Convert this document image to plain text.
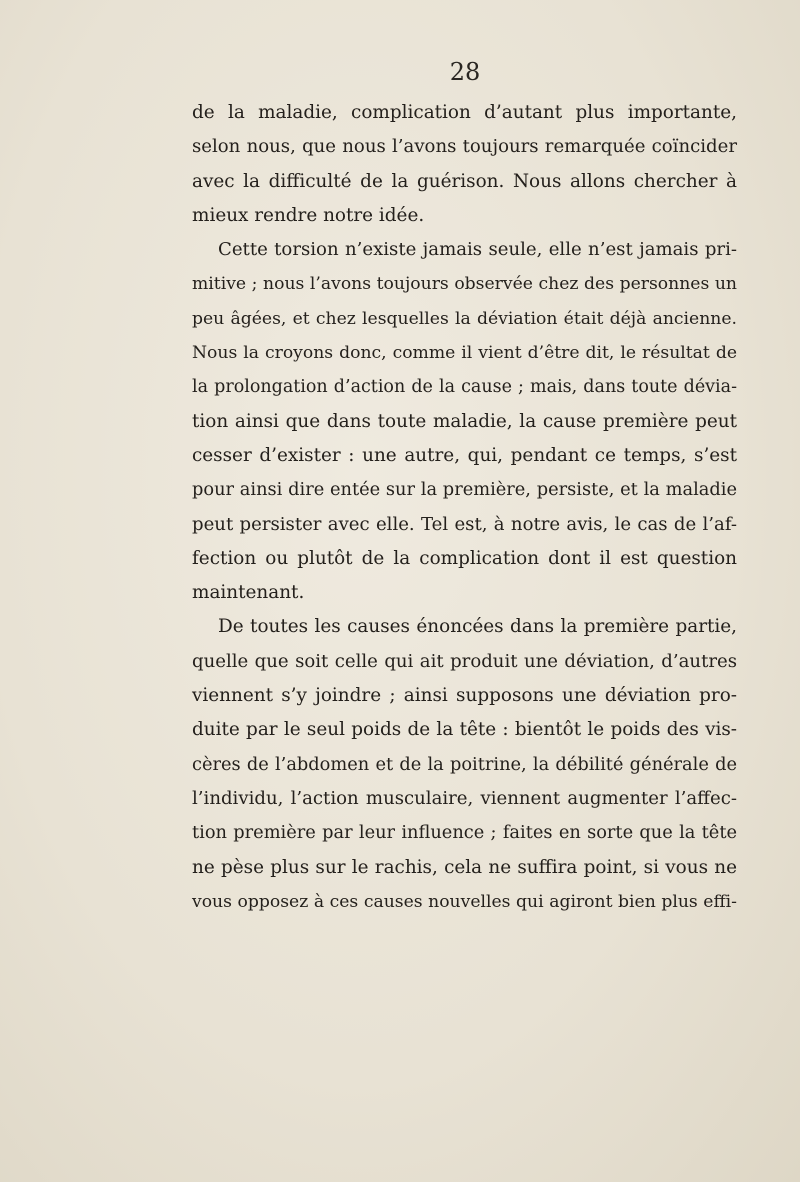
28
de la maladie, complication d’autant plus importante,
selon nous, que nous l’avons toujours remarquée coïncider
avec la difficulté de la guérison. Nous allons chercher à
mieux rendre notre idée.
Cette torsion n’existe jamais seule, elle n’est jamais pri-
mitive ; nous l’avons toujours observée chez des personnes un
peu âgées, et chez lesquelles la déviation était déjà ancienne.
Nous la croyons donc, comme il vient d’être dit, le résultat de
la prolongation d’action de la cause ; mais, dans toute dévia-
tion ainsi que dans toute maladie, la cause première peut
cesser d’exister : une autre, qui, pendant ce temps, s’est
pour ainsi dire entée sur la première, persiste, et la maladie
peut persister avec elle. Tel est, à notre avis, le cas de l’af-
fection ou plutôt de la complication dont il est question
maintenant.
De toutes les causes énoncées dans la première partie,
quelle que soit celle qui ait produit une déviation, d’autres
viennent s’y joindre ; ainsi supposons une déviation pro-
duite par le seul poids de la tête : bientôt le poids des vis-
cères de l’abdomen et de la poitrine, la débilité générale de
l’individu, l’action musculaire, viennent augmenter l’affec-
tion première par leur influence ; faites en sorte que la tête
ne pèse plus sur le rachis, cela ne suffira point, si vous ne
vous opposez à ces causes nouvelles qui agiront bien plus effi-
